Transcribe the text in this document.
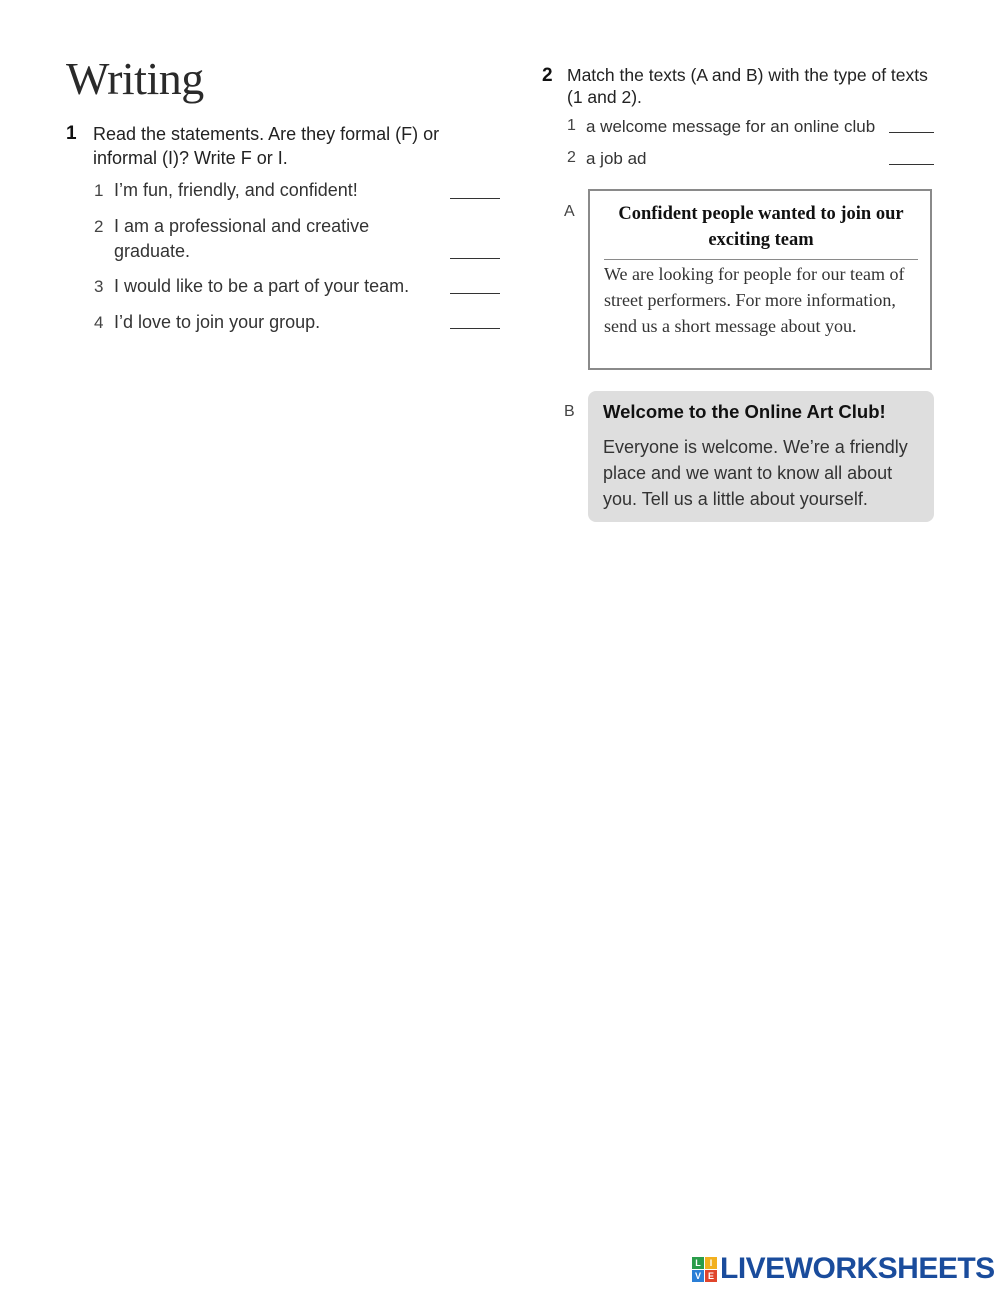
Writing
1 Read the statements. Are they formal (F) or informal (I)? Write F or I.
1 I’m fun, friendly, and confident!
2 I am a professional and creative graduate.
3 I would like to be a part of your team.
4 I’d love to join your group.
2 Match the texts (A and B) with the type of texts (1 and 2).
1 a welcome message for an online club
2 a job ad
A	Confident people wanted to join our exciting team
We are looking for people for our team of street performers. For more information, send us a short message about you.
B Welcome to the Online Art Club!
Everyone is welcome. We’re a friendly place and we want to know all about you. Tell us a little about yourself.
L I
V E LIVEWORKSHEETS
